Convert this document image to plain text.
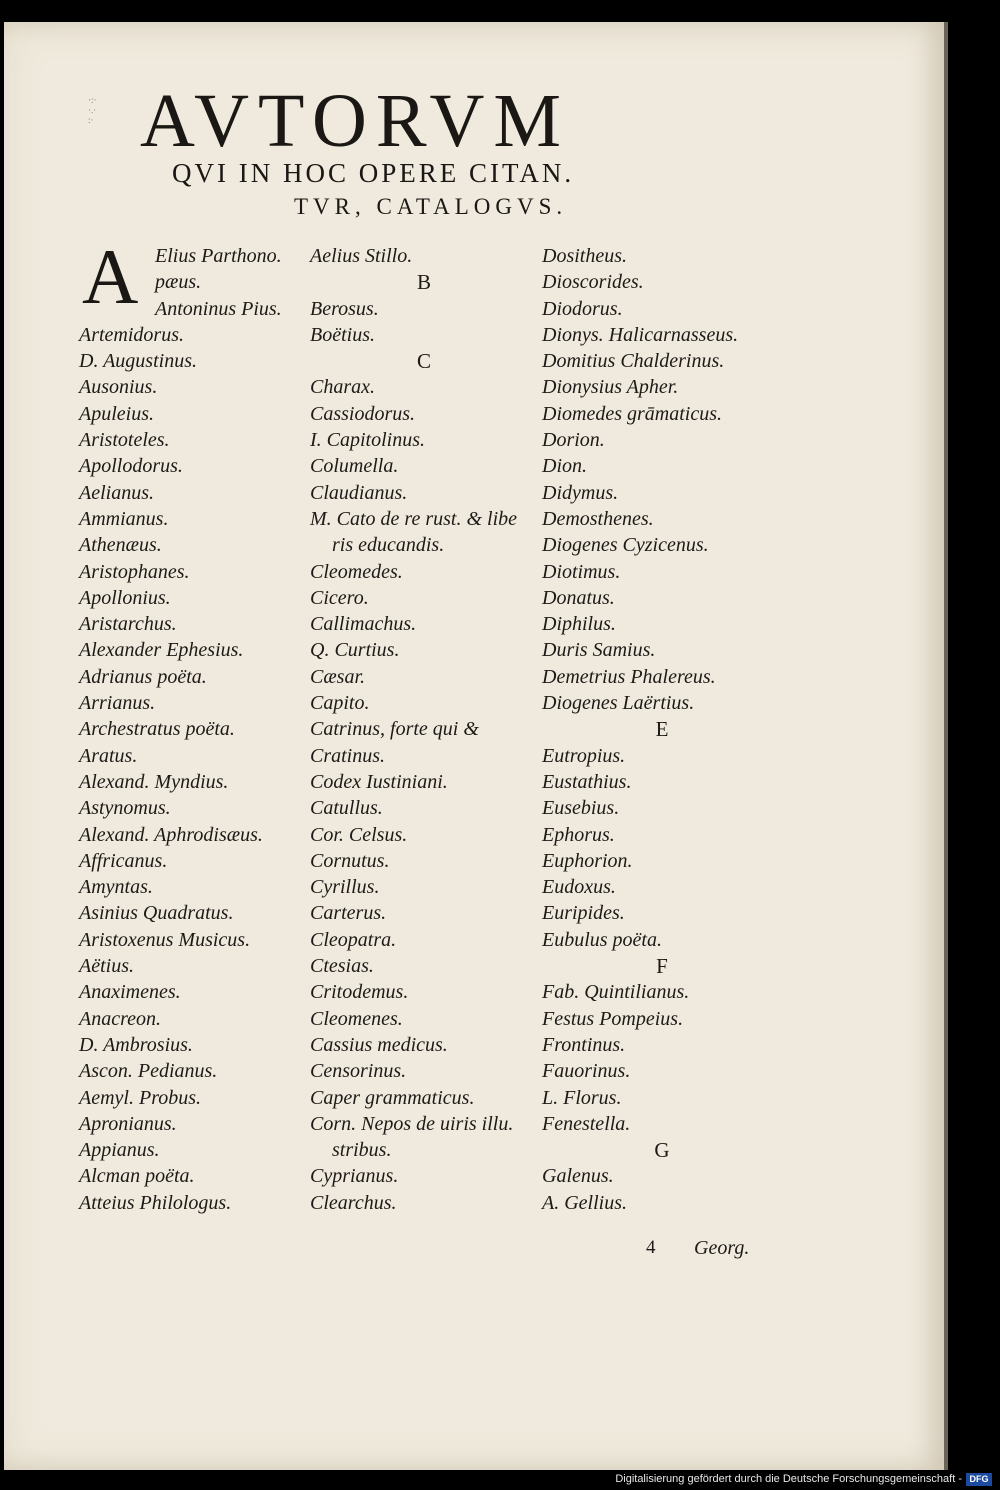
·:·
·.·
:· AVTORVM
QVI IN HOC OPERE CITAN.
TVR, CATALOGVS.
A Elius Parthono.
pæus.
Antoninus Pius.
Artemidorus.
D. Augustinus.
Ausonius.
Apuleius.
Aristoteles.
Apollodorus.
Aelianus.
Ammianus.
Athenæus.
Aristophanes.
Apollonius.
Aristarchus.
Alexander Ephesius.
Adrianus poëta.
Arrianus.
Archestratus poëta.
Aratus.
Alexand. Myndius.
Astynomus.
Alexand. Aphrodisæus.
Affricanus.
Amyntas.
Asinius Quadratus.
Aristoxenus Musicus.
Aëtius.
Anaximenes.
Anacreon.
D. Ambrosius.
Ascon. Pedianus.
Aemyl. Probus.
Apronianus.
Appianus.
Alcman poëta.
Atteius Philologus.
Aelius Stillo.
B
Berosus.
Boëtius.
C
Charax.
Cassiodorus.
I. Capitolinus.
Columella.
Claudianus.
M. Cato de re rust. & libe
ris educandis.
Cleomedes.
Cicero.
Callimachus.
Q. Curtius.
Cæsar.
Capito.
Catrinus, forte qui &
Cratinus.
Codex Iustiniani.
Catullus.
Cor. Celsus.
Cornutus.
Cyrillus.
Carterus.
Cleopatra.
Ctesias.
Critodemus.
Cleomenes.
Cassius medicus.
Censorinus.
Caper grammaticus.
Corn. Nepos de uiris illu.
stribus.
Cyprianus.
Clearchus.
Dositheus.
Dioscorides.
Diodorus.
Dionys. Halicarnasseus.
Domitius Chalderinus.
Dionysius Apher.
Diomedes grāmaticus.
Dorion.
Dion.
Didymus.
Demosthenes.
Diogenes Cyzicenus.
Diotimus.
Donatus.
Diphilus.
Duris Samius.
Demetrius Phalereus.
Diogenes Laërtius.
E
Eutropius.
Eustathius.
Eusebius.
Ephorus.
Euphorion.
Eudoxus.
Euripides.
Eubulus poëta.
F
Fab. Quintilianus.
Festus Pompeius.
Frontinus.
Fauorinus.
L. Florus.
Fenestella.
G
Galenus.
A. Gellius.
4 Georg.
Digitalisierung gefördert durch die Deutsche Forschungsgemeinschaft - DFG
